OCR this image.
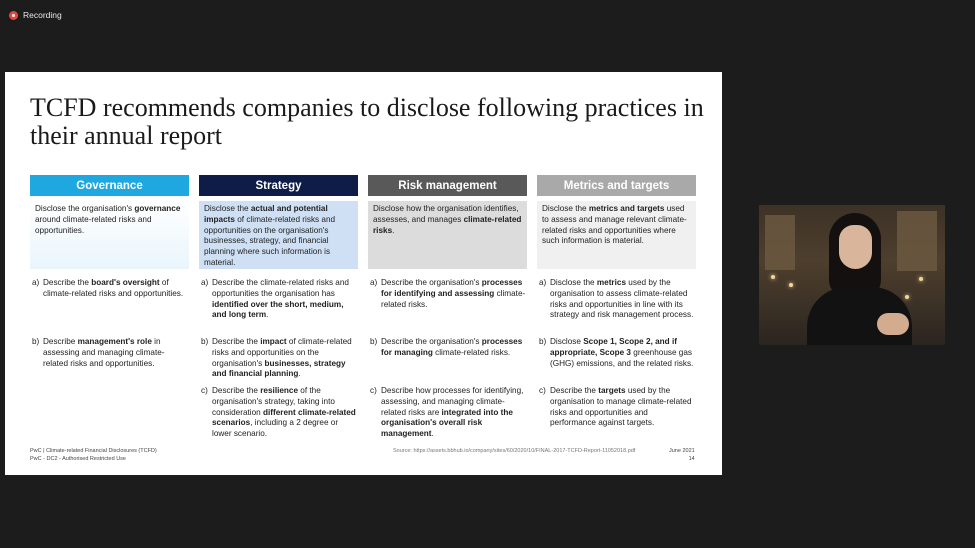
Recording
TCFD recommends companies to disclose following practices in their annual report
Governance
Disclose the organisation's governance around climate-related risks and opportunities.
a) Describe the board's oversight of climate-related risks and opportunities.
b) Describe management's role in assessing and managing climate-related risks and opportunities.
Strategy
Disclose the actual and potential impacts of climate-related risks and opportunities on the organisation's businesses, strategy, and financial planning where such information is material.
a) Describe the climate-related risks and opportunities the organisation has identified over the short, medium, and long term.
b) Describe the impact of climate-related risks and opportunities on the organisation's businesses, strategy and financial planning.
c) Describe the resilience of the organisation's strategy, taking into consideration different climate-related scenarios, including a 2 degree or lower scenario.
Risk management
Disclose how the organisation identifies, assesses, and manages climate-related risks.
a) Describe the organisation's processes for identifying and assessing climate-related risks.
b) Describe the organisation's processes for managing climate-related risks.
c) Describe how processes for identifying, assessing, and managing climate-related risks are integrated into the organisation's overall risk management.
Metrics and targets
Disclose the metrics and targets used to assess and manage relevant climate-related risks and opportunities where such information is material.
a) Disclose the metrics used by the organisation to assess climate-related risks and opportunities in line with its strategy and risk management process.
b) Disclose Scope 1, Scope 2, and if appropriate, Scope 3 greenhouse gas (GHG) emissions, and the related risks.
c) Describe the targets used by the organisation to manage climate-related risks and opportunities and performance against targets.
PwC | Climate-related Financial Disclosures (TCFD)
PwC - DC2 - Authorised Restricted Use
Source: https://assets.bbhub.io/company/sites/60/2020/10/FINAL-2017-TCFD-Report-11052018.pdf	June 2021
14
